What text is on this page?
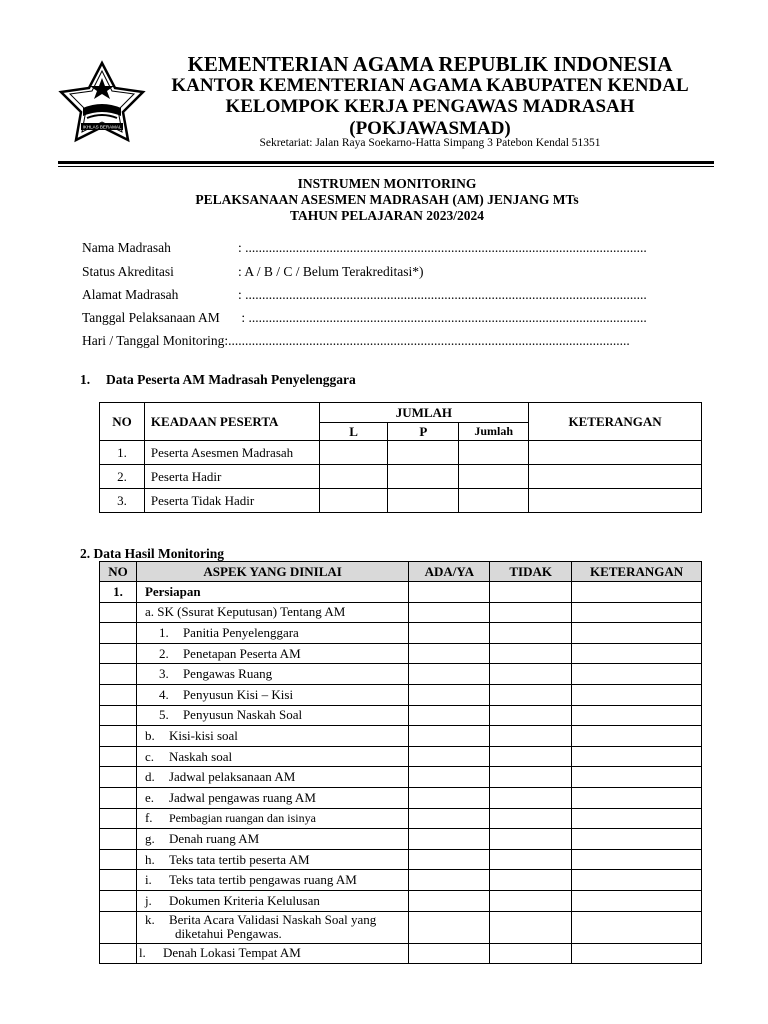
IKHLAS BERAMAL
KEMENTERIAN AGAMA REPUBLIK INDONESIA
KANTOR KEMENTERIAN AGAMA KABUPATEN KENDAL
KELOMPOK KERJA PENGAWAS MADRASAH
(POKJAWASMAD)
Sekretariat: Jalan Raya Soekarno-Hatta Simpang 3 Patebon Kendal 51351
INSTRUMEN MONITORING
PELAKSANAAN ASESMEN MADRASAH (AM) JENJANG MTs
TAHUN PELAJARAN 2023/2024
Nama Madrasah	: .......................................................................................................................
Status Akreditasi	: A / B / C / Belum Terakreditasi*)
Alamat Madrasah	: .......................................................................................................................
Tanggal Pelaksanaan AM : ......................................................................................................................
Hari / Tanggal Monitoring:.......................................................................................................................
1. Data Peserta AM Madrasah Penyelenggara
NO	KEADAAN PESERTA	JUMLAH			KETERANGAN
		L	P	Jumlah	
1.	Peserta Asesmen Madrasah				
2.	Peserta Hadir				
3.	Peserta Tidak Hadir				
2. Data Hasil Monitoring
NO	ASPEK YANG DINILAI	ADA/YA	TIDAK	KETERANGAN
1.	Persiapan			
	a. SK (Ssurat Keputusan) Tentang AM			
	1. Panitia Penyelenggara			
	2. Penetapan Peserta AM			
	3. Pengawas Ruang			
	4. Penyusun Kisi – Kisi			
	5. Penyusun Naskah Soal			
	b. Kisi-kisi soal			
	c. Naskah soal			
	d. Jadwal pelaksanaan AM			
	e. Jadwal pengawas ruang AM			
	f. Pembagian ruangan dan isinya			
	g. Denah ruang AM			
	h. Teks tata tertib peserta AM			
	i. Teks tata tertib pengawas ruang AM			
	j. Dokumen Kriteria Kelulusan			

	k. Berita Acara Validasi Naskah Soal yang
diketahui Pengawas.			

	l. Denah Lokasi Tempat AM			
